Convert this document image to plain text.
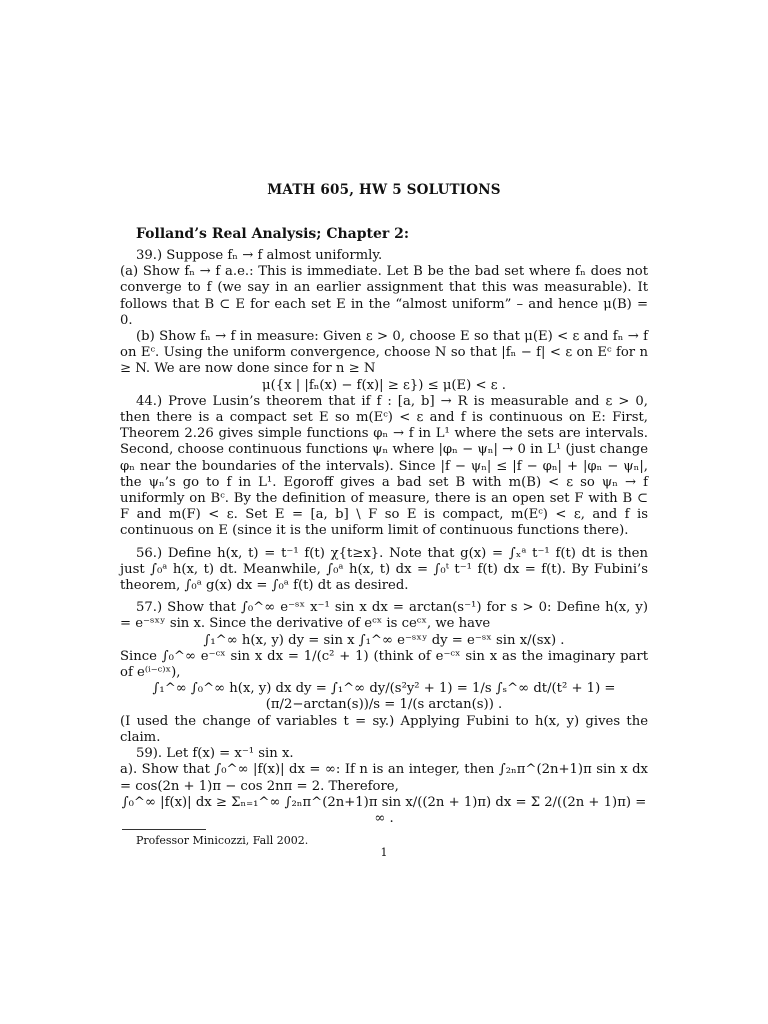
MATH 605, HW 5 SOLUTIONS
Folland’s Real Analysis; Chapter 2:

39.) Suppose fₙ → f almost uniformly.

(a) Show fₙ → f a.e.: This is immediate. Let B be the bad set where fₙ does not converge to f (we say in an earlier assignment that this was measurable). It follows that B ⊂ E for each set E in the “almost uniform” – and hence μ(B) = 0.

(b) Show fₙ → f in measure: Given ε > 0, choose E so that μ(E) < ε and fₙ → f on Eᶜ. Using the uniform convergence, choose N so that |fₙ − f| < ε on Eᶜ for n ≥ N. We are now done since for n ≥ N

μ({x | |fₙ(x) − f(x)| ≥ ε}) ≤ μ(E) < ε .

44.) Prove Lusin’s theorem that if f : [a, b] → R is measurable and ε > 0, then there is a compact set E so m(Eᶜ) < ε and f is continuous on E: First, Theorem 2.26 gives simple functions φₙ → f in L¹ where the sets are intervals. Second, choose continuous functions ψₙ where |φₙ − ψₙ| → 0 in L¹ (just change φₙ near the boundaries of the intervals). Since |f − ψₙ| ≤ |f − φₙ| + |φₙ − ψₙ|, the ψₙ’s go to f in L¹. Egoroff gives a bad set B with m(B) < ε so ψₙ → f uniformly on Bᶜ. By the definition of measure, there is an open set F with B ⊂ F and m(F) < ε. Set E = [a, b] \ F so E is compact, m(Eᶜ) < ε, and f is continuous on E (since it is the uniform limit of continuous functions there).

56.) Define h(x, t) = t⁻¹ f(t) χ{t≥x}. Note that g(x) = ∫ₓᵃ t⁻¹ f(t) dt is then just ∫₀ᵃ h(x, t) dt. Meanwhile, ∫₀ᵃ h(x, t) dx = ∫₀ᵗ t⁻¹ f(t) dx = f(t). By Fubini’s theorem, ∫₀ᵃ g(x) dx = ∫₀ᵃ f(t) dt as desired.

57.) Show that ∫₀^∞ e⁻ˢˣ x⁻¹ sin x dx = arctan(s⁻¹) for s > 0: Define h(x, y) = e⁻ˢˣʸ sin x. Since the derivative of eᶜˣ is ceᶜˣ, we have

∫₁^∞ h(x, y) dy = sin x ∫₁^∞ e⁻ˢˣʸ dy = e⁻ˢˣ sin x/(sx) .

Since ∫₀^∞ e⁻ᶜˣ sin x dx = 1/(c² + 1) (think of e⁻ᶜˣ sin x as the imaginary part of e⁽ⁱ⁻ᶜ⁾ˣ),

∫₁^∞ ∫₀^∞ h(x, y) dx dy = ∫₁^∞ dy/(s²y² + 1) = 1/s ∫ₛ^∞ dt/(t² + 1) = (π/2−arctan(s))/s = 1/(s arctan(s)) .

(I used the change of variables t = sy.) Applying Fubini to h(x, y) gives the claim.

59). Let f(x) = x⁻¹ sin x.

a). Show that ∫₀^∞ |f(x)| dx = ∞: If n is an integer, then ∫₂ₙπ^(2n+1)π sin x dx = cos(2n + 1)π − cos 2nπ = 2. Therefore,

∫₀^∞ |f(x)| dx ≥ Σₙ₌₁^∞ ∫₂ₙπ^(2n+1)π sin x/((2n + 1)π) dx = Σ 2/((2n + 1)π) = ∞ .

Professor Minicozzi, Fall 2002.
1
